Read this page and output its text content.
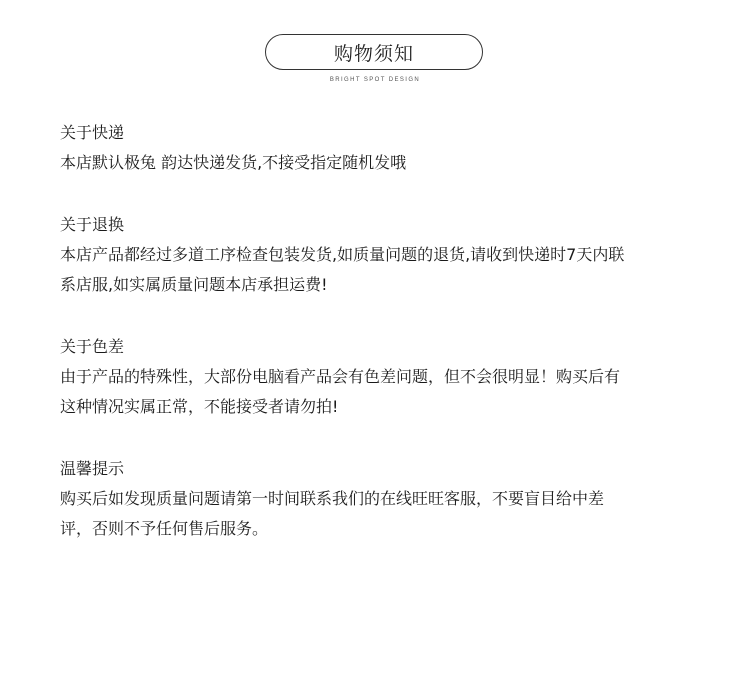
购物须知
BRIGHT SPOT DESIGN
关于快递
本店默认极兔 韵达快递发货,不接受指定随机发哦
关于退换
本店产品都经过多道工序检查包装发货,如质量问题的退货,请收到快递时7天内联
系店服,如实属质量问题本店承担运费!
关于色差
由于产品的特殊性，大部份电脑看产品会有色差问题，但不会很明显！购买后有
这种情况实属正常，不能接受者请勿拍!
温馨提示
购买后如发现质量问题请第一时间联系我们的在线旺旺客服，不要盲目给中差
评，否则不予任何售后服务。
